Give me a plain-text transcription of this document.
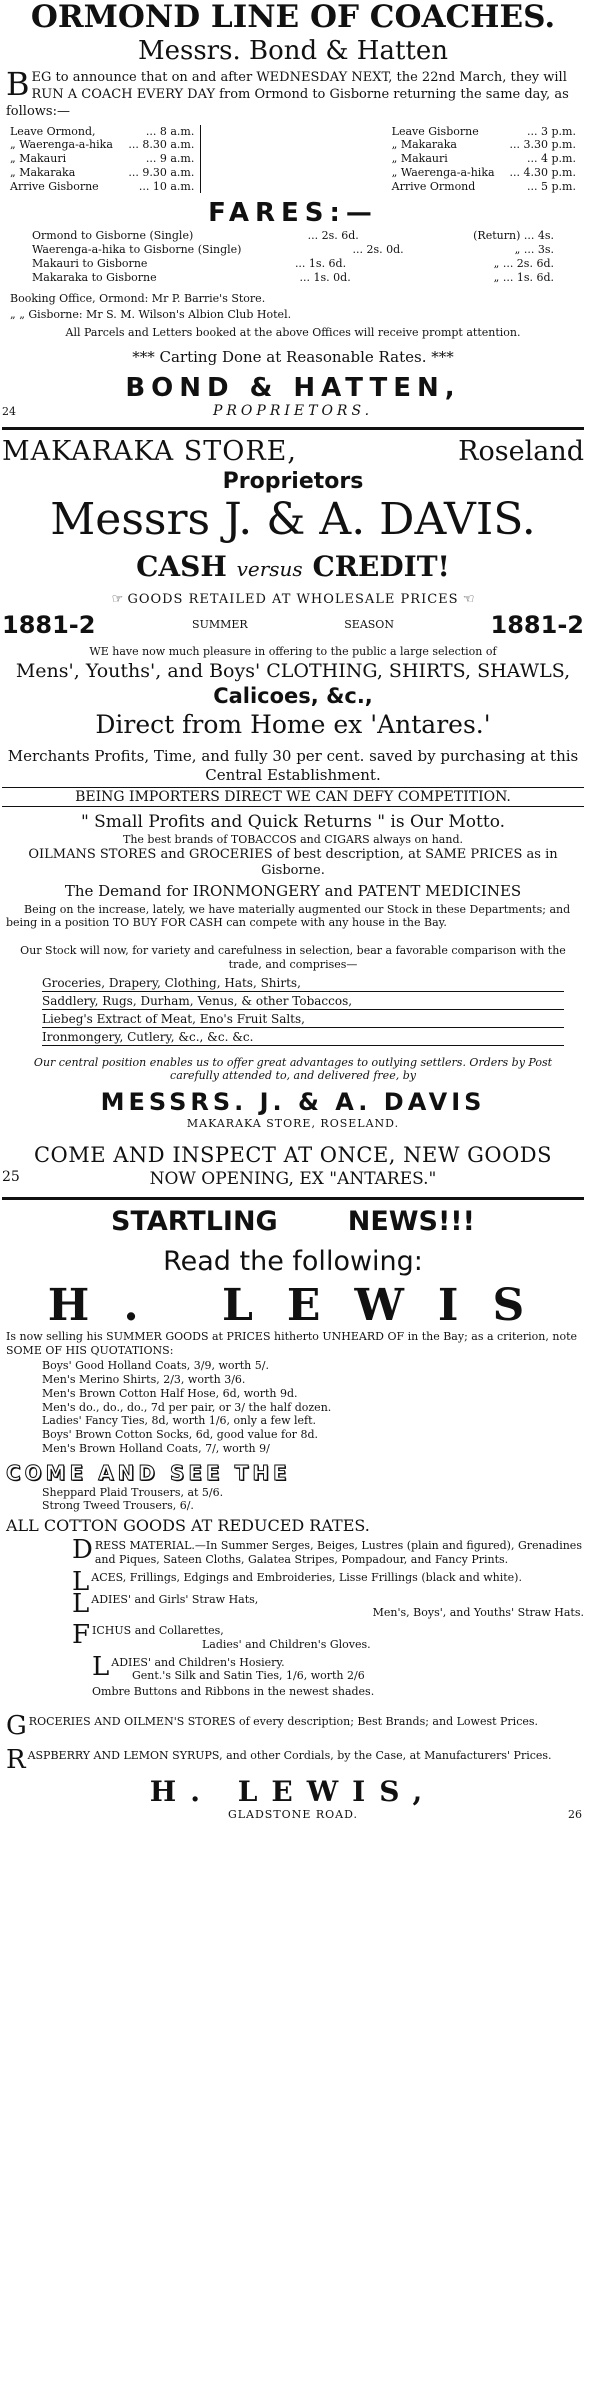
ORMOND LINE OF COACHES.
Messrs. Bond & Hatten
B EG to announce that on and after WEDNESDAY NEXT, the 22nd March, they will RUN A COACH EVERY DAY from Ormond to Gisborne returning the same day, as follows:—
Leave Ormond,	... 8 a.m.
„ Waerenga-a-hika ... 8.30 a.m.
„ Makauri	... 9 a.m.
„ Makaraka	... 9.30 a.m.
Arrive Gisborne	... 10 a.m.
Leave Gisborne	... 3 p.m.
„ Makaraka	... 3.30 p.m.
„ Makauri	... 4 p.m.
„ Waerenga-a-hika ... 4.30 p.m.
Arrive Ormond	... 5 p.m.
FARES:—
Ormond to Gisborne (Single)	... 2s. 6d.	(Return) ... 4s.
Waerenga-a-hika to Gisborne (Single)	... 2s. 0d.	„ ... 3s.
Makauri to Gisborne	... 1s. 6d.	„ ... 2s. 6d.
Makaraka to Gisborne	... 1s. 0d.	„ ... 1s. 6d.
Booking Office, Ormond: Mr P. Barrie's Store.
„ „ Gisborne: Mr S. M. Wilson's Albion Club Hotel.
All Parcels and Letters booked at the above Offices will receive prompt attention.
*** Carting Done at Reasonable Rates. ***
BOND & HATTEN,
24	PROPRIETORS.
MAKARAKA STORE,	Roseland
Proprietors
Messrs J. & A. DAVIS.
CASH versus CREDIT!
☞ GOODS RETAILED AT WHOLESALE PRICES ☜
1881-2	SUMMER	SEASON	1881-2
WE have now much pleasure in offering to the public a large selection of
Mens', Youths', and Boys' CLOTHING, SHIRTS, SHAWLS,
Calicoes, &c.,
Direct from Home ex 'Antares.'
Merchants Profits, Time, and fully 30 per cent. saved by purchasing at this Central Establishment.
BEING IMPORTERS DIRECT WE CAN DEFY COMPETITION.
" Small Profits and Quick Returns " is Our Motto.
The best brands of TOBACCOS and CIGARS always on hand.
OILMANS STORES and GROCERIES of best description, at SAME PRICES as in Gisborne.
The Demand for IRONMONGERY and PATENT MEDICINES
Being on the increase, lately, we have materially augmented our Stock in these Departments; and being in a position TO BUY FOR CASH can compete with any house in the Bay.
Our Stock will now, for variety and carefulness in selection, bear a favorable comparison with the trade, and comprises—
Groceries, Drapery, Clothing, Hats, Shirts,
Saddlery, Rugs, Durham, Venus, & other Tobaccos,
Liebeg's Extract of Meat, Eno's Fruit Salts,
Ironmongery, Cutlery, &c., &c. &c.
Our central position enables us to offer great advantages to outlying settlers. Orders by Post carefully attended to, and delivered free, by
MESSRS. J. & A. DAVIS
MAKARAKA STORE, ROSELAND.
COME AND INSPECT AT ONCE, NEW GOODS
25	NOW OPENING, EX "ANTARES."
STARTLING	NEWS!!!
Read the following:
H. LEWIS
Is now selling his SUMMER GOODS at PRICES hitherto UNHEARD OF in the Bay; as a criterion, note SOME OF HIS QUOTATIONS:
Boys' Good Holland Coats, 3/9, worth 5/.
Men's Merino Shirts, 2/3, worth 3/6.
Men's Brown Cotton Half Hose, 6d, worth 9d.
Men's do., do., do., 7d per pair, or 3/ the half dozen.
Ladies' Fancy Ties, 8d, worth 1/6, only a few left.
Boys' Brown Cotton Socks, 6d, good value for 8d.
Men's Brown Holland Coats, 7/, worth 9/
COME AND SEE THE
Sheppard Plaid Trousers, at 5/6.
Strong Tweed Trousers, 6/.
ALL COTTON GOODS AT REDUCED RATES.
D RESS MATERIAL.—In Summer Serges, Beiges, Lustres (plain and figured), Grenadines and Piques, Sateen Cloths, Galatea Stripes, Pompadour, and Fancy Prints.
L ACES, Frillings, Edgings and Embroideries, Lisse Frillings (black and white).
L ADIES' and Girls' Straw Hats,
Men's, Boys', and Youths' Straw Hats.
F ICHUS and Collarettes,
Ladies' and Children's Gloves.
L ADIES' and Children's Hosiery.
Gent.'s Silk and Satin Ties, 1/6, worth 2/6
Ombre Buttons and Ribbons in the newest shades.
G ROCERIES AND OILMEN'S STORES of every description; Best Brands; and Lowest Prices.
R ASPBERRY AND LEMON SYRUPS, and other Cordials, by the Case, at Manufacturers' Prices.
H. LEWIS,
GLADSTONE ROAD.	26
